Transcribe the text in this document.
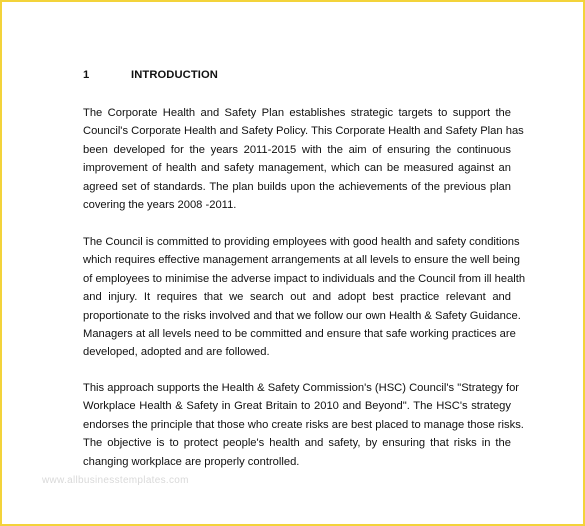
1	INTRODUCTION
The Corporate Health and Safety Plan establishes strategic targets to support the
Council's Corporate Health and Safety Policy. This Corporate Health and Safety Plan has
been developed for the years 2011-2015 with the aim of ensuring the continuous
improvement of health and safety management, which can be measured against an
agreed set of standards. The plan builds upon the achievements of the previous plan
covering the years 2008 -2011.
The Council is committed to providing employees with good health and safety conditions
which requires effective management arrangements at all levels to ensure the well being
of employees to minimise the adverse impact to individuals and the Council from ill health
and injury. It requires that we search out and adopt best practice relevant and
proportionate to the risks involved and that we follow our own Health & Safety Guidance.
Managers at all levels need to be committed and ensure that safe working practices are
developed, adopted and are followed.
This approach supports the Health & Safety Commission's (HSC) Council's "Strategy for
Workplace Health & Safety in Great Britain to 2010 and Beyond". The HSC's strategy
endorses the principle that those who create risks are best placed to manage those risks.
The objective is to protect people's health and safety, by ensuring that risks in the
changing workplace are properly controlled.
www.allbusinesstemplates.com
